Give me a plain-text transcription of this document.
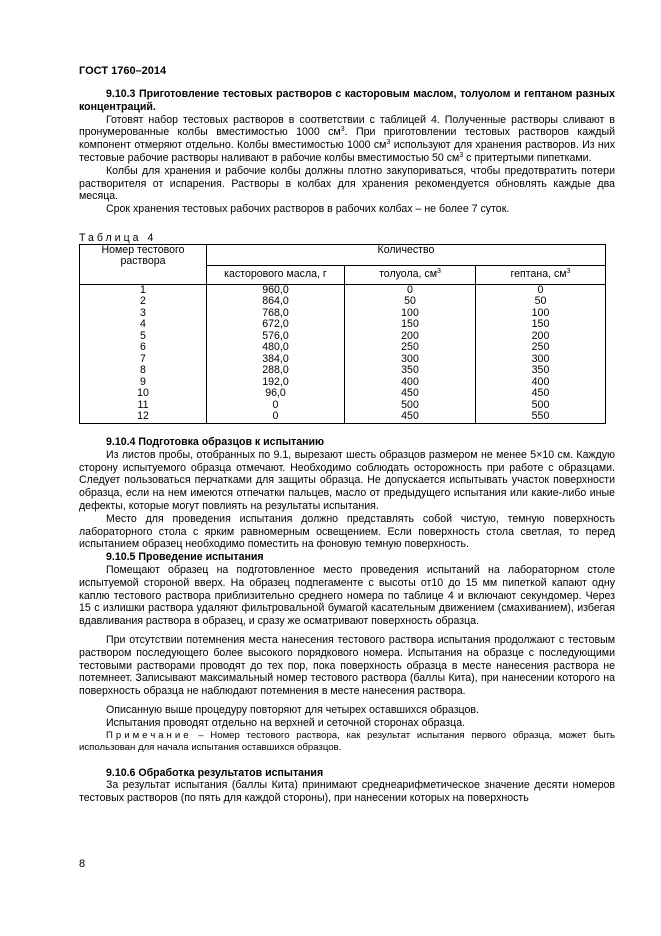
ГОСТ 1760–2014

9.10.3 Приготовление тестовых растворов с касторовым маслом, толуолом и гептаном разных концентраций.

Готовят набор тестовых растворов в соответствии с таблицей 4. Полученные растворы сливают в пронумерованные колбы вместимостью 1000 $см^3$. При приготовлении тестовых растворов каждый компонент отмеряют отдельно. Колбы вместимостью 1000 $см^3$ используют для хранения растворов. Из них тестовые рабочие растворы наливают в рабочие колбы вместимостью 50 $см^3$ с притертыми пипетками.

Колбы для хранения и рабочие колбы должны плотно закупориваться, чтобы предотвратить потери растворителя от испарения. Растворы в колбах для хранения рекомендуется обновлять каждые два месяца.

Срок хранения тестовых рабочих растворов в рабочих колбах – не более 7 суток.

Таблица 4
Номер тестового раствора	Количество		
	касторового масла, г	толуола, $см^3$	гептана, $см^3$
1	960,0	0	0
2	864,0	50	50
3	768,0	100	100
4	672,0	150	150
5	576,0	200	200
6	480,0	250	250
7	384,0	300	300
8	288,0	350	350
9	192,0	400	400
10	96,0	450	450
11	0	500	500
12	0	450	550

9.10.4 Подготовка образцов к испытанию

Из листов пробы, отобранных по 9.1, вырезают шесть образцов размером не менее 5×10 см. Каждую сторону испытуемого образца отмечают. Необходимо соблюдать осторожность при работе с образцами. Следует пользоваться перчатками для защиты образца. Не допускается испытывать участок поверхности образца, если на нем имеются отпечатки пальцев, масло от предыдущего испытания или какие-либо иные дефекты, которые могут повлиять на результаты испытания.

Место для проведения испытания должно представлять собой чистую, темную поверхность лабораторного стола с ярким равномерным освещением. Если поверхность стола светлая, то перед испытанием образец необходимо поместить на фоновую темную поверхность.

9.10.5 Проведение испытания

Помещают образец на подготовленное место проведения испытаний на лабораторном столе испытуемой стороной вверх. На образец подпегаменте с высоты от10 до 15 мм пипеткой капают одну каплю тестового раствора приблизительно среднего номера по таблице 4 и включают секундомер. Через 15 с излишки раствора удаляют фильтровальной бумагой касательным движением (смахиванием), избегая вдавливания раствора в образец, и сразу же осматривают поверхность образца.

При отсутствии потемнения места нанесения тестового раствора испытания продолжают с тестовым раствором последующего более высокого порядкового номера. Испытания на образце с последующими тестовыми растворами проводят до тех пор, пока поверхность образца в месте нанесения раствора не потемнеет. Записывают максимальный номер тестового раствора (баллы Кита), при нанесении которого на поверхность образца не наблюдают потемнения в месте нанесения раствора.

Описанную выше процедуру повторяют для четырех оставшихся образцов.

Испытания проводят отдельно на верхней и сеточной сторонах образца.

Примечание – Номер тестового раствора, как результат испытания первого образца, может быть использован для начала испытания оставшихся образцов.

9.10.6 Обработка результатов испытания

За результат испытания (баллы Кита) принимают среднеарифметическое значение десяти номеров тестовых растворов (по пять для каждой стороны), при нанесении которых на поверхность

8
